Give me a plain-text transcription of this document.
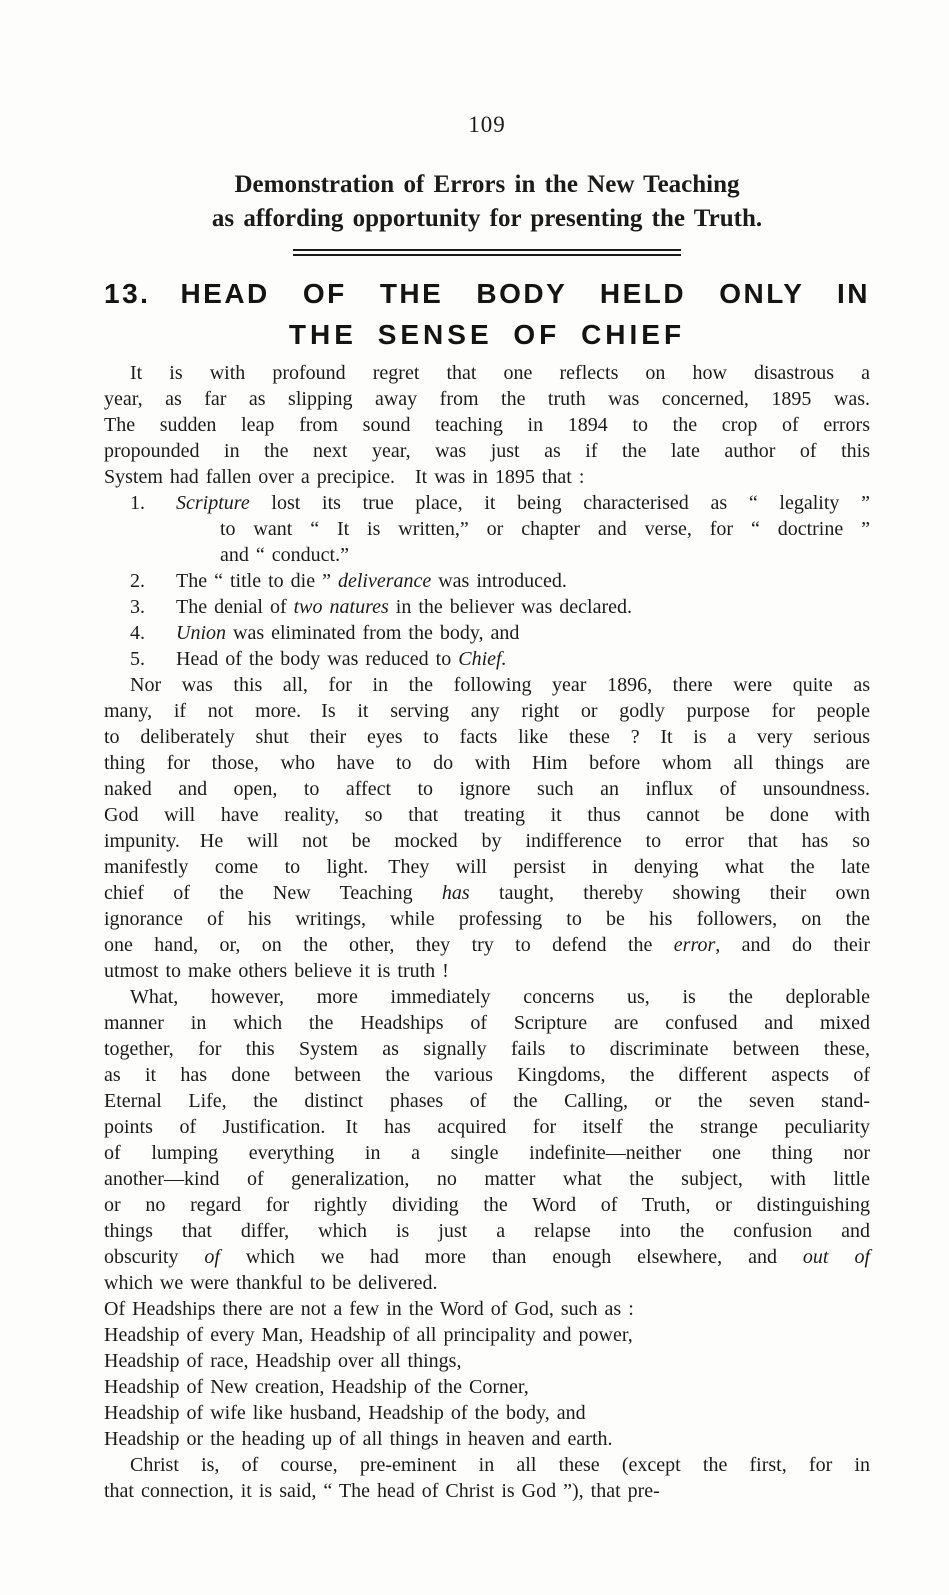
109
Demonstration of Errors in the New Teaching
as affording opportunity for presenting the Truth.
13.	HEAD OF THE BODY HELD ONLY IN
THE SENSE OF CHIEF
It is with profound regret that one reflects on how disastrous a
year, as far as slipping away from the truth was concerned, 1895 was.
The sudden leap from sound teaching in 1894 to the crop of errors
propounded in the next year, was just as if the late author of this
System had fallen over a precipice. It was in 1895 that :
1.	Scripture lost its true place, it being characterised as “ legality ”
to want “ It is written,” or chapter and verse, for “ doctrine ”
and “ conduct.”
2.	The “ title to die ” deliverance was introduced.
3.	The denial of two natures in the believer was declared.
4.	Union was eliminated from the body, and
5.	Head of the body was reduced to Chief.
Nor was this all, for in the following year 1896, there were quite as
many, if not more. Is it serving any right or godly purpose for people
to deliberately shut their eyes to facts like these ? It is a very serious
thing for those, who have to do with Him before whom all things are
naked and open, to affect to ignore such an influx of unsoundness.
God will have reality, so that treating it thus cannot be done with
impunity. He will not be mocked by indifference to error that has so
manifestly come to light. They will persist in denying what the late
chief of the New Teaching has taught, thereby showing their own
ignorance of his writings, while professing to be his followers, on the
one hand, or, on the other, they try to defend the error, and do their
utmost to make others believe it is truth !
What, however, more immediately concerns us, is the deplorable
manner in which the Headships of Scripture are confused and mixed
together, for this System as signally fails to discriminate between these,
as it has done between the various Kingdoms, the different aspects of
Eternal Life, the distinct phases of the Calling, or the seven stand-
points of Justification. It has acquired for itself the strange peculiarity
of lumping everything in a single indefinite—neither one thing nor
another—kind of generalization, no matter what the subject, with little
or no regard for rightly dividing the Word of Truth, or distinguishing
things that differ, which is just a relapse into the confusion and
obscurity of which we had more than enough elsewhere, and out of
which we were thankful to be delivered.
Of Headships there are not a few in the Word of God, such as :
Headship of every Man, Headship of all principality and power,
Headship of race, Headship over all things,
Headship of New creation, Headship of the Corner,
Headship of wife like husband, Headship of the body, and
Headship or the heading up of all things in heaven and earth.
Christ is, of course, pre-eminent in all these (except the first, for in
that connection, it is said, “ The head of Christ is God ”), that pre-
